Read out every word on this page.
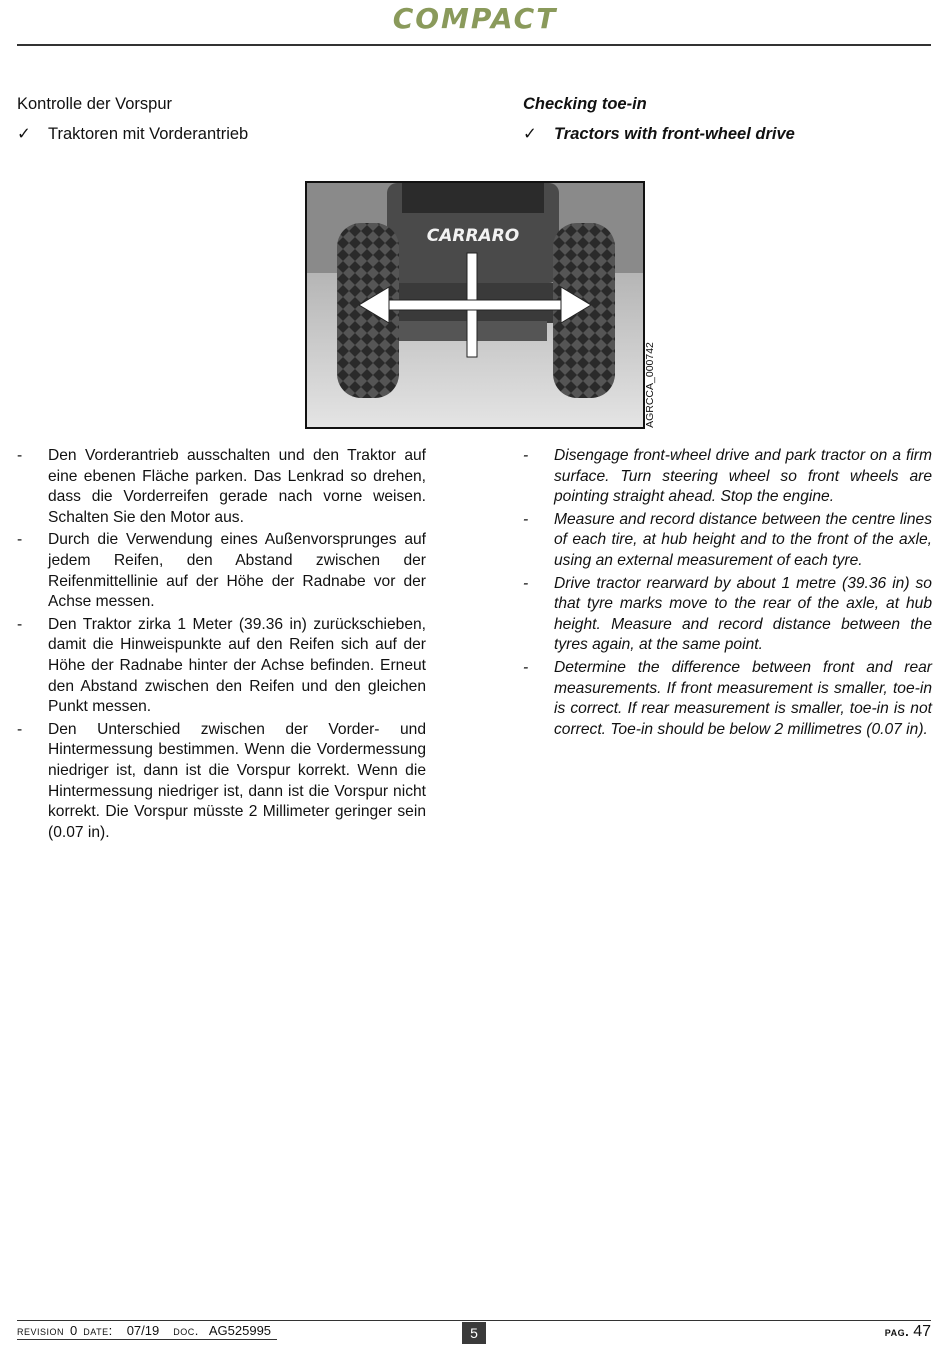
COMPACT
Kontrolle der Vorspur
✓ Traktoren mit Vorderantrieb
Checking toe-in
✓ Tractors with front-wheel drive
CARRARO
AGRCCA_000742
- Den Vorderantrieb ausschalten und den Traktor auf eine ebenen Fläche parken. Das Lenkrad so drehen, dass die Vorderreifen gerade nach vorne weisen. Schalten Sie den Motor aus.
- Durch die Verwendung eines Außenvorsprunges auf jedem Reifen, den Abstand zwischen der Reifenmittellinie auf der Höhe der Radnabe vor der Achse messen.
- Den Traktor zirka 1 Meter (39.36 in) zurückschieben, damit die Hinweispunkte auf den Reifen sich auf der Höhe der Radnabe hinter der Achse befinden. Erneut den Abstand zwischen den Reifen und den gleichen Punkt messen.
- Den Unterschied zwischen der Vorder- und Hintermessung bestimmen. Wenn die Vordermessung niedriger ist, dann ist die Vorspur korrekt. Wenn die Hintermessung niedriger ist, dann ist die Vorspur nicht korrekt. Die Vorspur müsste 2 Millimeter geringer sein (0.07 in).
- Disengage front-wheel drive and park tractor on a firm surface. Turn steering wheel so front wheels are pointing straight ahead. Stop the engine.
- Measure and record distance between the centre lines of each tire, at hub height and to the front of the axle, using an external measurement of each tyre.
- Drive tractor rearward by about 1 metre (39.36 in) so that tyre marks move to the rear of the axle, at hub height. Measure and record distance between the tyres again, at the same point.
- Determine the difference between front and rear measurements. If front measurement is smaller, toe-in is correct. If rear measurement is smaller, toe-in is not correct. Toe-in should be below 2 millimetres (0.07 in).
revision 0 date: 07/19 doc. AG525995	5	pag. 47
